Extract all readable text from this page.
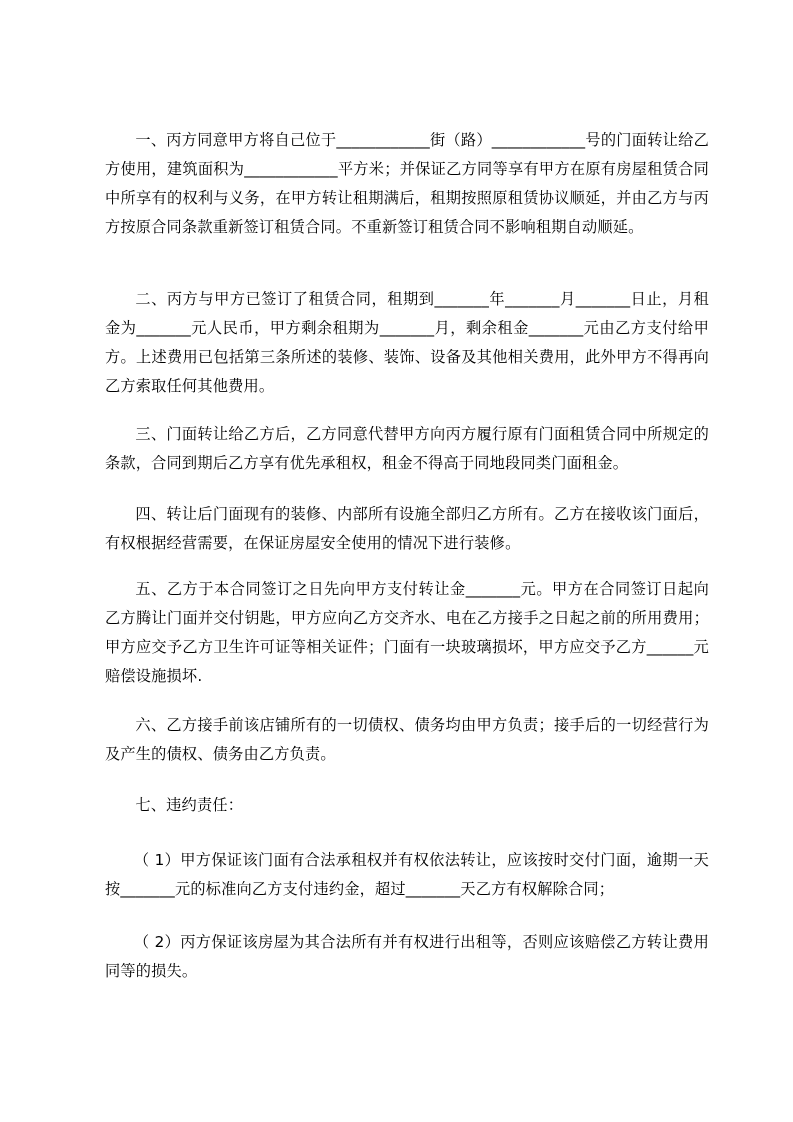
一、丙方同意甲方将自己位于____________街（路）____________号的门面转让给乙方使用，建筑面积为____________平方米；并保证乙方同等享有甲方在原有房屋租赁合同中所享有的权利与义务，在甲方转让租期满后，租期按照原租赁协议顺延，并由乙方与丙方按原合同条款重新签订租赁合同。不重新签订租赁合同不影响租期自动顺延。

二、丙方与甲方已签订了租赁合同，租期到_______年_______月_______日止，月租金为_______元人民币，甲方剩余租期为_______月，剩余租金_______元由乙方支付给甲方。上述费用已包括第三条所述的装修、装饰、设备及其他相关费用，此外甲方不得再向乙方索取任何其他费用。

三、门面转让给乙方后，乙方同意代替甲方向丙方履行原有门面租赁合同中所规定的条款，合同到期后乙方享有优先承租权，租金不得高于同地段同类门面租金。

四、转让后门面现有的装修、内部所有设施全部归乙方所有。乙方在接收该门面后，有权根据经营需要，在保证房屋安全使用的情况下进行装修。

五、乙方于本合同签订之日先向甲方支付转让金_______元。甲方在合同签订日起向乙方腾让门面并交付钥匙，甲方应向乙方交齐水、电在乙方接手之日起之前的所用费用；甲方应交予乙方卫生许可证等相关证件；门面有一块玻璃损坏，甲方应交予乙方______元赔偿设施损坏.

六、乙方接手前该店铺所有的一切债权、债务均由甲方负责；接手后的一切经营行为及产生的债权、债务由乙方负责。

七、违约责任：

（ 1）甲方保证该门面有合法承租权并有权依法转让，应该按时交付门面，逾期一天按_______元的标准向乙方支付违约金，超过_______天乙方有权解除合同；

（ 2）丙方保证该房屋为其合法所有并有权进行出租等，否则应该赔偿乙方转让费用同等的损失。
